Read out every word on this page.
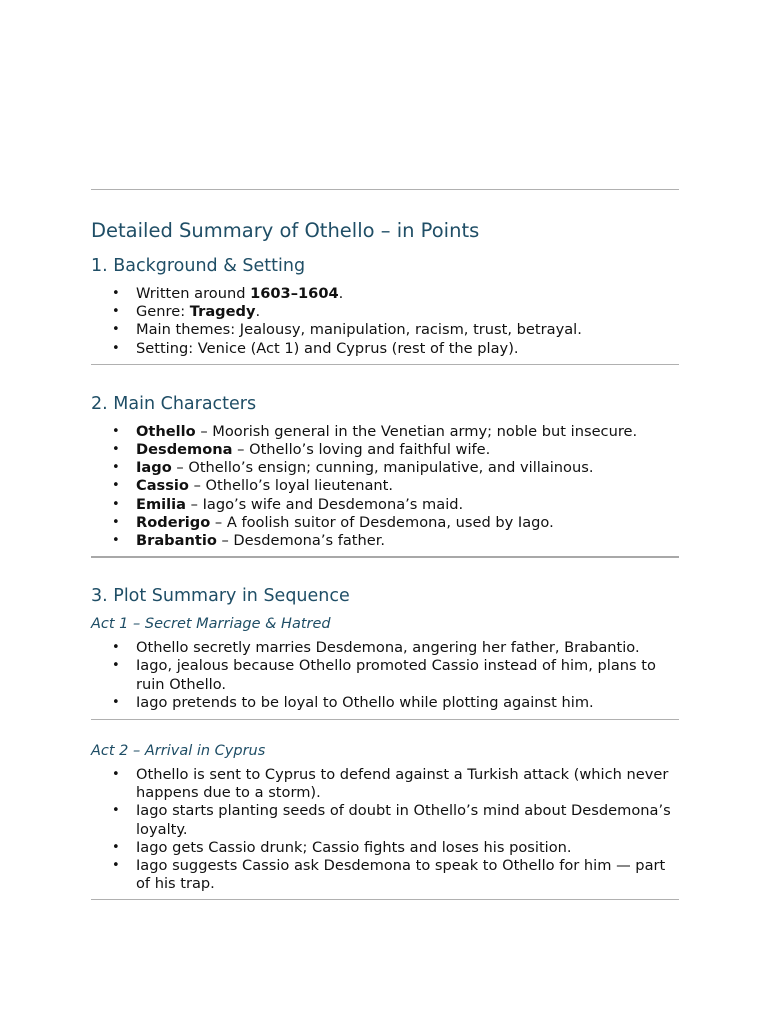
Detailed Summary of Othello – in Points
1. Background & Setting
• Written around 1603–1604.
• Genre: Tragedy.
• Main themes: Jealousy, manipulation, racism, trust, betrayal.
• Setting: Venice (Act 1) and Cyprus (rest of the play).
2. Main Characters
• Othello – Moorish general in the Venetian army; noble but insecure.
• Desdemona – Othello’s loving and faithful wife.
• Iago – Othello’s ensign; cunning, manipulative, and villainous.
• Cassio – Othello’s loyal lieutenant.
• Emilia – Iago’s wife and Desdemona’s maid.
• Roderigo – A foolish suitor of Desdemona, used by Iago.
• Brabantio – Desdemona’s father.
3. Plot Summary in Sequence
Act 1 – Secret Marriage & Hatred
• Othello secretly marries Desdemona, angering her father, Brabantio.
• Iago, jealous because Othello promoted Cassio instead of him, plans to ruin Othello.
• Iago pretends to be loyal to Othello while plotting against him.
Act 2 – Arrival in Cyprus
• Othello is sent to Cyprus to defend against a Turkish attack (which never happens due to a storm).
• Iago starts planting seeds of doubt in Othello’s mind about Desdemona’s loyalty.
• Iago gets Cassio drunk; Cassio fights and loses his position.
• Iago suggests Cassio ask Desdemona to speak to Othello for him — part of his trap.
